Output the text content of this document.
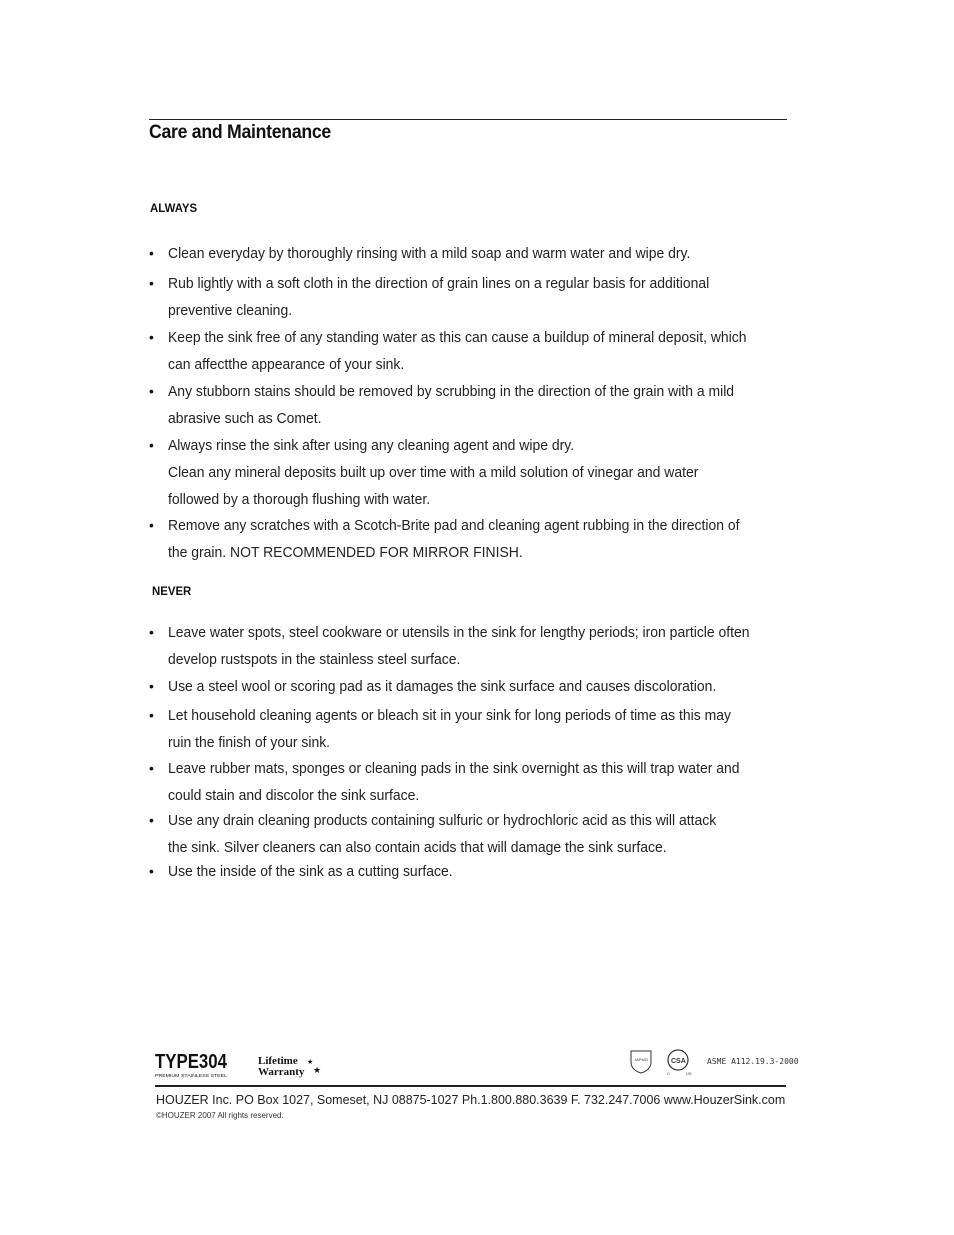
Care and Maintenance
ALWAYS
NEVER
• Clean everyday by thoroughly rinsing with a mild soap and warm water and wipe dry.
• Rub lightly with a soft cloth in the direction of grain lines on a regular basis for additional
preventive cleaning.
• Keep the sink free of any standing water as this can cause a buildup of mineral deposit, which
can affectthe appearance of your sink.
• Any stubborn stains should be removed by scrubbing in the direction of the grain with a mild
abrasive such as Comet.
• Always rinse the sink after using any cleaning agent and wipe dry.
Clean any mineral deposits built up over time with a mild solution of vinegar and water
followed by a thorough flushing with water.
• Remove any scratches with a Scotch-Brite pad and cleaning agent rubbing in the direction of
the grain. NOT RECOMMENDED FOR MIRROR FINISH.
• Leave water spots, steel cookware or utensils in the sink for lengthy periods; iron particle often
develop rustspots in the stainless steel surface.
• Use a steel wool or scoring pad as it damages the sink surface and causes discoloration.
• Let household cleaning agents or bleach sit in your sink for long periods of time as this may
ruin the finish of your sink.
• Leave rubber mats, sponges or cleaning pads in the sink overnight as this will trap water and
could stain and discolor the sink surface.
• Use any drain cleaning products containing sulfuric or hydrochloric acid as this will attack
the sink. Silver cleaners can also contain acids that will damage the sink surface.
• Use the inside of the sink as a cutting surface.
TYPE304
PREMIUM STAINLESS STEEL
Lifetime
Warranty
★
★
IAPMO	CSA
C	US
ASME A112.19.3-2000
HOUZER Inc. PO Box 1027, Someset, NJ 08875-1027 Ph.1.800.880.3639 F. 732.247.7006 www.HouzerSink.com
©HOUZER 2007 All rights reserved.
